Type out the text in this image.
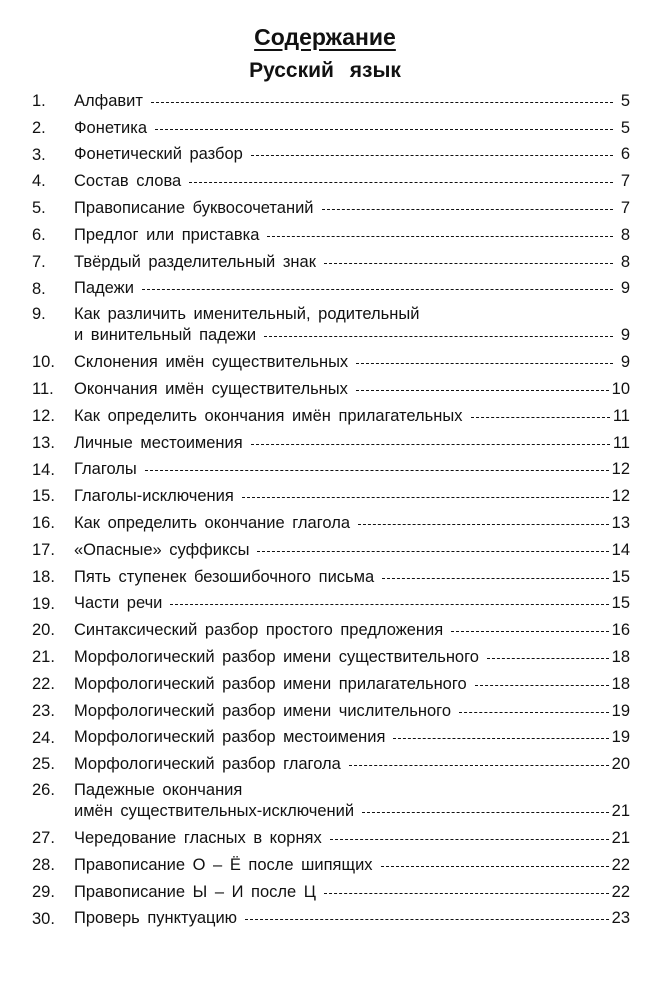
Содержание
Русский язык
1. Алфавит	5
2. Фонетика	5
3. Фонетический разбор	6
4. Состав слова	7
5. Правописание буквосочетаний	7
6. Предлог или приставка	8
7. Твёрдый разделительный знак	8
8. Падежи	9
9. Как различить именительный, родительный
и винительный падежи	9
10. Склонения имён существительных	9
11. Окончания имён существительных	10
12. Как определить окончания имён прилагательных	11
13. Личные местоимения	11
14. Глаголы	12
15. Глаголы-исключения	12
16. Как определить окончание глагола	13
17. «Опасные» суффиксы	14
18. Пять ступенек безошибочного письма	15
19. Части речи	15
20. Синтаксический разбор простого предложения	16
21. Морфологический разбор имени существительного	18
22. Морфологический разбор имени прилагательного	18
23. Морфологический разбор имени числительного	19
24. Морфологический разбор местоимения	19
25. Морфологический разбор глагола	20
26. Падежные окончания
имён существительных-исключений	21
27. Чередование гласных в корнях	21
28. Правописание О – Ё после шипящих	22
29. Правописание Ы – И после Ц	22
30. Проверь пунктуацию	23
